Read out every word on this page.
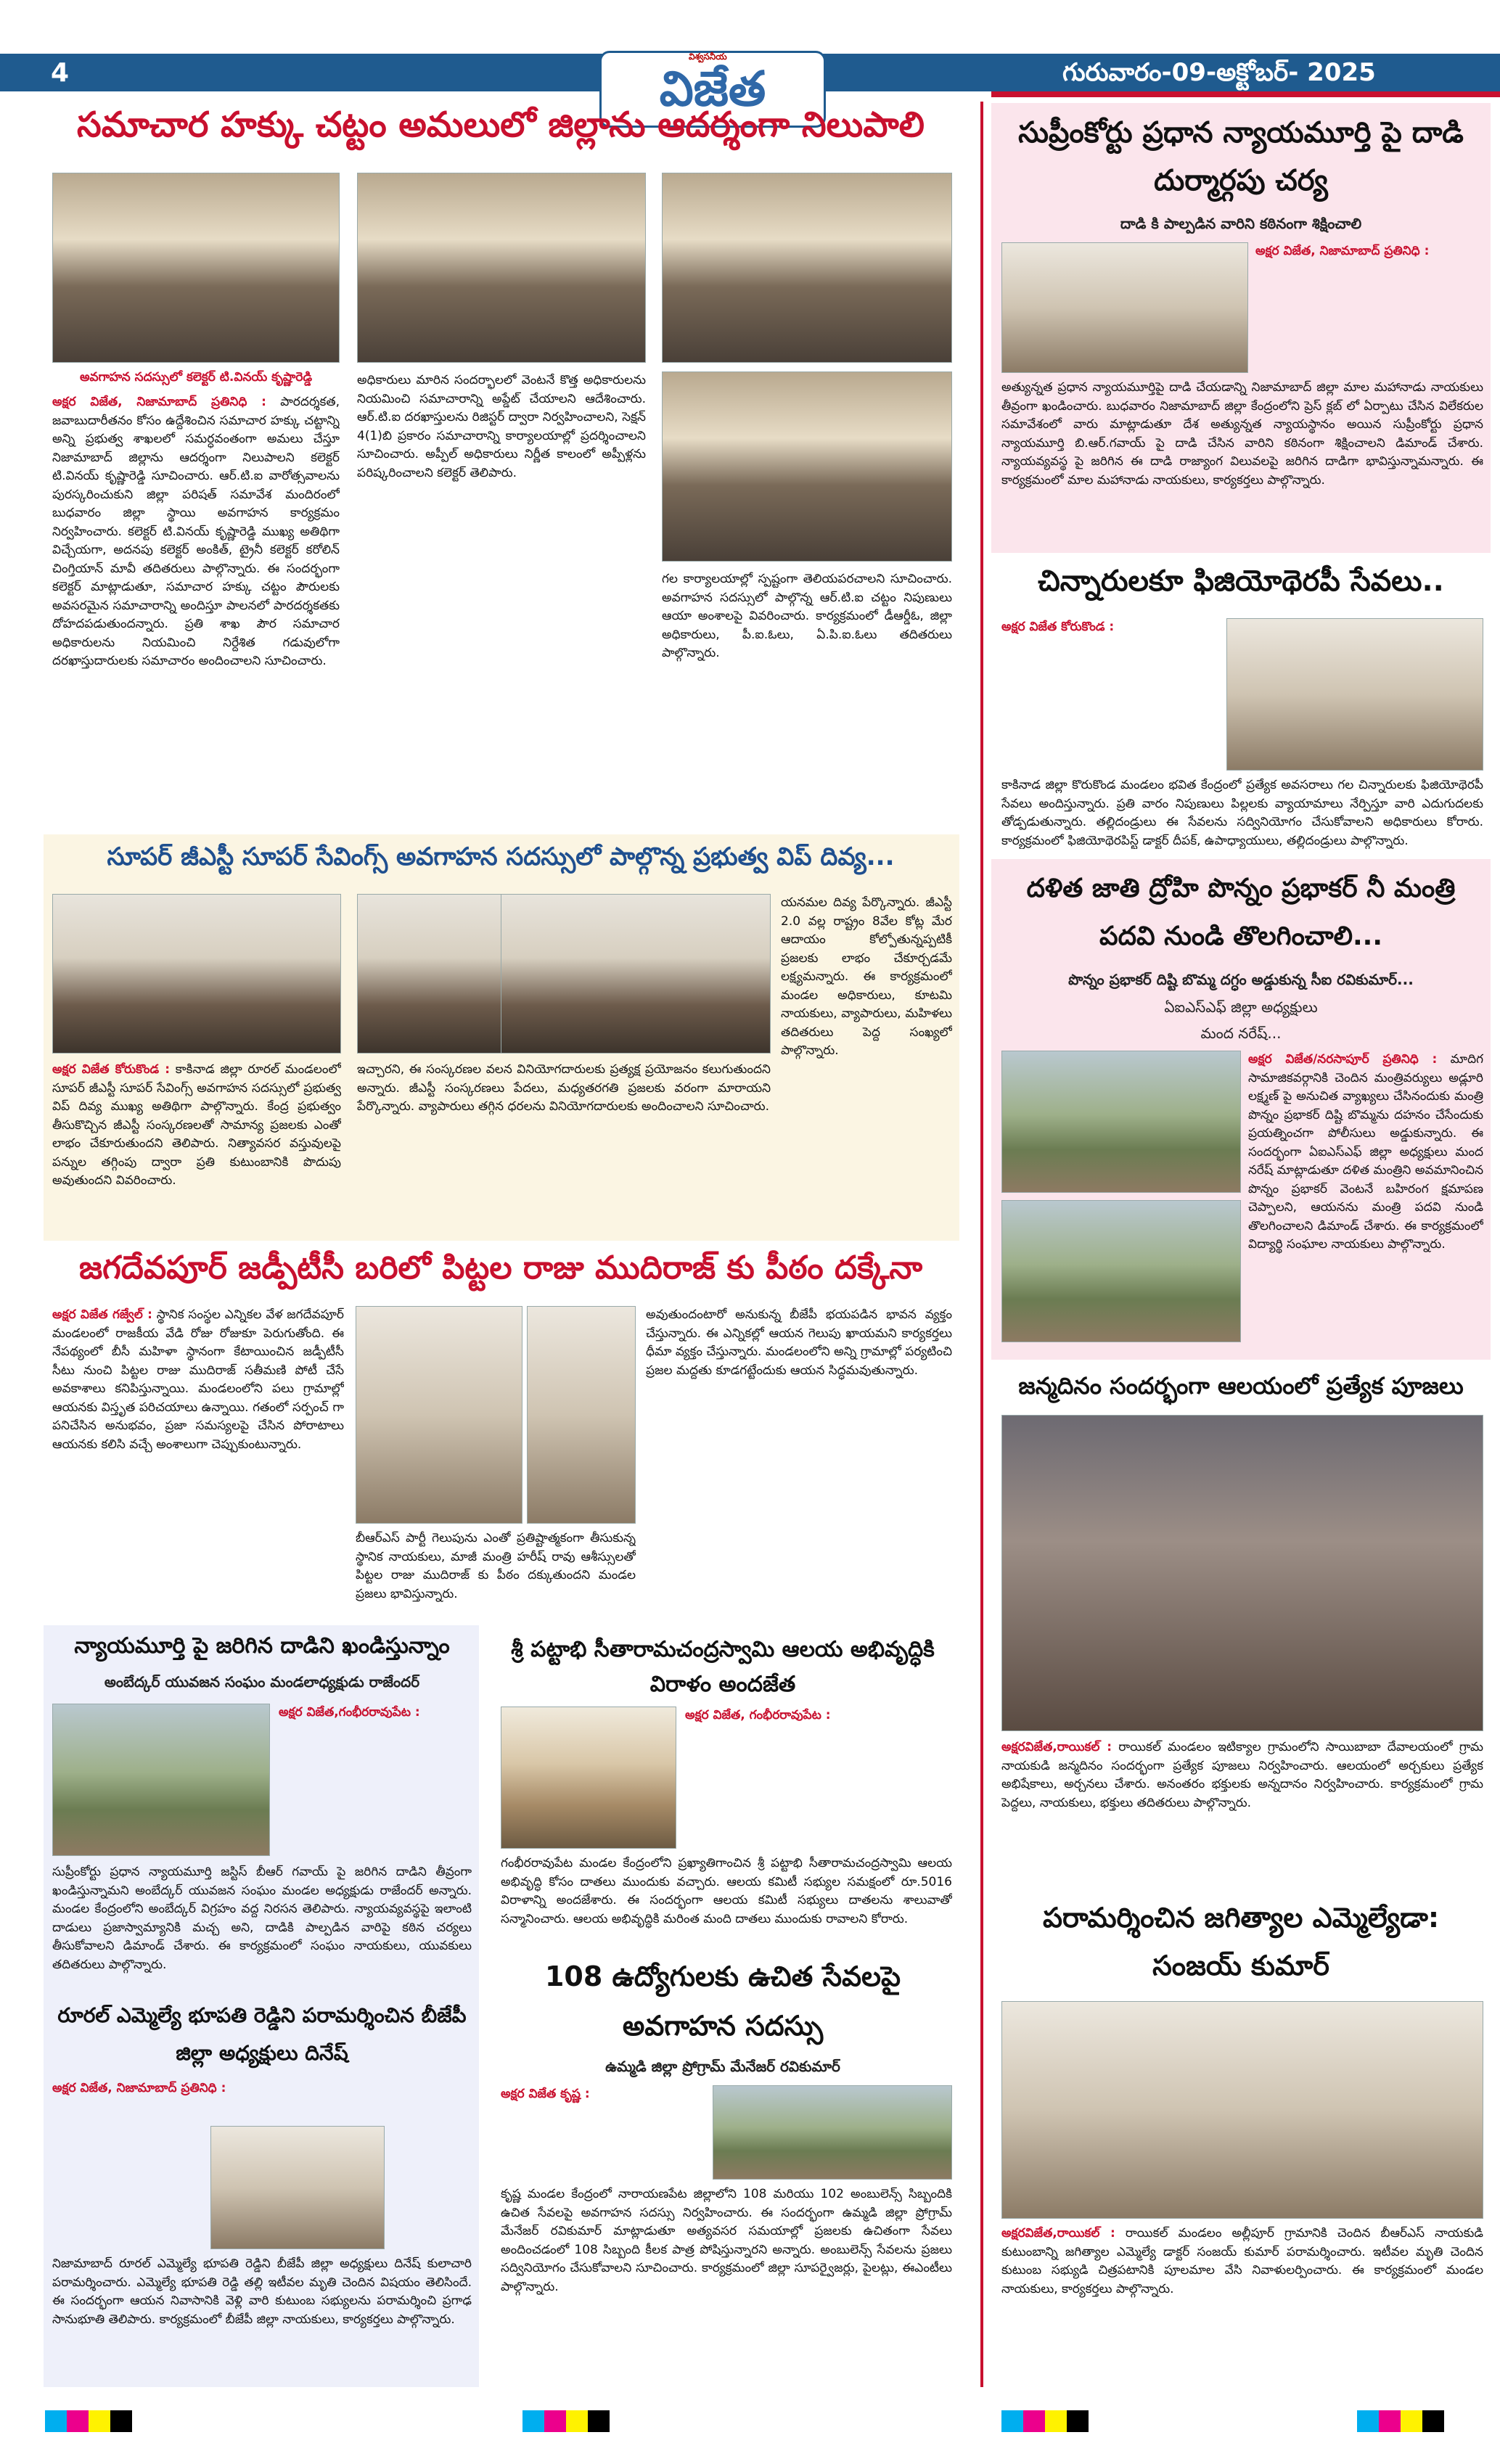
4
విశ్వసనీయ
విజేత	గురువారం-09-అక్టోబర్- 2025
సమాచార హక్కు చట్టం అమలులో జిల్లాను ఆదర్శంగా నిలుపాలి
అవగాహన సదస్సులో కలెక్టర్ టి.వినయ్ కృష్ణారెడ్డి
అక్షర విజేత, నిజామాబాద్ ప్రతినిధి : పారదర్శకత, జవాబుదారీతనం కోసం ఉద్దేశించిన సమాచార హక్కు చట్టాన్ని అన్ని ప్రభుత్వ శాఖలలో సమర్ధవంతంగా అమలు చేస్తూ నిజామాబాద్ జిల్లాను ఆదర్శంగా నిలుపాలని కలెక్టర్ టి.వినయ్ కృష్ణారెడ్డి సూచించారు. ఆర్.టి.ఐ వారోత్సవాలను పురస్కరించుకుని జిల్లా పరిషత్ సమావేశ మందిరంలో బుధవారం జిల్లా స్థాయి అవగాహన కార్యక్రమం నిర్వహించారు. కలెక్టర్ టి.వినయ్ కృష్ణారెడ్డి ముఖ్య అతిథిగా విచ్చేయగా, అదనపు కలెక్టర్ అంకిత్, ట్రైనీ కలెక్టర్ కరోలిన్ చింగ్తియాన్ మావీ తదితరులు పాల్గొన్నారు. ఈ సందర్భంగా కలెక్టర్ మాట్లాడుతూ, సమాచార హక్కు చట్టం పౌరులకు అవసరమైన సమాచారాన్ని అందిస్తూ పాలనలో పారదర్శకతకు దోహదపడుతుందన్నారు. ప్రతి శాఖ పౌర సమాచార అధికారులను నియమించి నిర్దేశిత గడువులోగా దరఖాస్తుదారులకు సమాచారం అందించాలని సూచించారు.
అధికారులు మారిన సందర్భాలలో వెంటనే కొత్త అధికారులను నియమించి సమాచారాన్ని అప్డేట్ చేయాలని ఆదేశించారు. ఆర్.టి.ఐ దరఖాస్తులను రిజిస్టర్ ద్వారా నిర్వహించాలని, సెక్షన్ 4(1)బి ప్రకారం సమాచారాన్ని కార్యాలయాల్లో ప్రదర్శించాలని సూచించారు. అప్పీల్ అధికారులు నిర్ణీత కాలంలో అప్పీళ్లను పరిష్కరించాలని కలెక్టర్ తెలిపారు.
గల కార్యాలయాల్లో స్పష్టంగా తెలియపరచాలని సూచించారు. అవగాహన సదస్సులో పాల్గొన్న ఆర్.టి.ఐ చట్టం నిపుణులు ఆయా అంశాలపై వివరించారు. కార్యక్రమంలో డీఆర్డీఓ, జిల్లా అధికారులు, పీ.ఐ.ఓలు, ఏ.పి.ఐ.ఓలు తదితరులు పాల్గొన్నారు.
సూపర్ జీఎస్టీ సూపర్ సేవింగ్స్ అవగాహన సదస్సులో పాల్గొన్న ప్రభుత్వ విప్ దివ్య...
అక్షర విజేత కోరుకొండ : కాకినాడ జిల్లా రూరల్ మండలంలో సూపర్ జీఎస్టీ సూపర్ సేవింగ్స్ అవగాహన సదస్సులో ప్రభుత్వ విప్ దివ్య ముఖ్య అతిథిగా పాల్గొన్నారు. కేంద్ర ప్రభుత్వం తీసుకొచ్చిన జీఎస్టీ సంస్కరణలతో సామాన్య ప్రజలకు ఎంతో లాభం చేకూరుతుందని తెలిపారు. నిత్యావసర వస్తువులపై పన్నుల తగ్గింపు ద్వారా ప్రతి కుటుంబానికి పొదుపు అవుతుందని వివరించారు.
ఇచ్చారని, ఈ సంస్కరణల వలన వినియోగదారులకు ప్రత్యక్ష ప్రయోజనం కలుగుతుందని అన్నారు. జీఎస్టీ సంస్కరణలు పేదలు, మధ్యతరగతి ప్రజలకు వరంగా మారాయని పేర్కొన్నారు. వ్యాపారులు తగ్గిన ధరలను వినియోగదారులకు అందించాలని సూచించారు.
యనమల దివ్య పేర్కొన్నారు. జీఎస్టీ 2.0 వల్ల రాష్ట్రం 8వేల కోట్ల మేర ఆదాయం కోల్పోతున్నప్పటికీ ప్రజలకు లాభం చేకూర్చడమే లక్ష్యమన్నారు. ఈ కార్యక్రమంలో మండల అధికారులు, కూటమి నాయకులు, వ్యాపారులు, మహిళలు తదితరులు పెద్ద సంఖ్యలో పాల్గొన్నారు.
జగదేవపూర్ జడ్పీటీసీ బరిలో పిట్టల రాజు ముదిరాజ్ కు పీఠం దక్కేనా
అక్షర విజేత గజ్వేల్ : స్థానిక సంస్థల ఎన్నికల వేళ జగదేవపూర్ మండలంలో రాజకీయ వేడి రోజు రోజుకూ పెరుగుతోంది. ఈ నేపథ్యంలో బీసీ మహిళా స్థానంగా కేటాయించిన జడ్పీటీసీ సీటు నుంచి పిట్టల రాజు ముదిరాజ్ సతీమణి పోటీ చేసే అవకాశాలు కనిపిస్తున్నాయి. మండలంలోని పలు గ్రామాల్లో ఆయనకు విస్తృత పరిచయాలు ఉన్నాయి. గతంలో సర్పంచ్ గా పనిచేసిన అనుభవం, ప్రజా సమస్యలపై చేసిన పోరాటాలు ఆయనకు కలిసి వచ్చే అంశాలుగా చెప్పుకుంటున్నారు.
బీఆర్ఎస్ పార్టీ గెలుపును ఎంతో ప్రతిష్టాత్మకంగా తీసుకున్న స్థానిక నాయకులు, మాజీ మంత్రి హరీష్ రావు ఆశీస్సులతో పిట్టల రాజు ముదిరాజ్ కు పీఠం దక్కుతుందని మండల ప్రజలు భావిస్తున్నారు.
అవుతుందంటారో అనుకున్న బీజేపీ భయపడిన భావన వ్యక్తం చేస్తున్నారు. ఈ ఎన్నికల్లో ఆయన గెలుపు ఖాయమని కార్యకర్తలు ధీమా వ్యక్తం చేస్తున్నారు. మండలంలోని అన్ని గ్రామాల్లో పర్యటించి ప్రజల మద్దతు కూడగట్టేందుకు ఆయన సిద్ధమవుతున్నారు.
న్యాయమూర్తి పై జరిగిన దాడిని ఖండిస్తున్నాం
అంబేద్కర్ యువజన సంఘం మండలాధ్యక్షుడు రాజేందర్
అక్షర విజేత,గంభీరరావుపేట :
సుప్రీంకోర్టు ప్రధాన న్యాయమూర్తి జస్టిస్ బీఆర్ గవాయ్ పై జరిగిన దాడిని తీవ్రంగా ఖండిస్తున్నామని అంబేద్కర్ యువజన సంఘం మండల అధ్యక్షుడు రాజేందర్ అన్నారు. మండల కేంద్రంలోని అంబేద్కర్ విగ్రహం వద్ద నిరసన తెలిపారు. న్యాయవ్యవస్థపై ఇలాంటి దాడులు ప్రజాస్వామ్యానికి మచ్చ అని, దాడికి పాల్పడిన వారిపై కఠిన చర్యలు తీసుకోవాలని డిమాండ్ చేశారు. ఈ కార్యక్రమంలో సంఘం నాయకులు, యువకులు తదితరులు పాల్గొన్నారు.
రూరల్ ఎమ్మెల్యే భూపతి రెడ్డిని పరామర్శించిన బీజేపీ జిల్లా అధ్యక్షులు దినేష్
అక్షర విజేత, నిజామాబాద్ ప్రతినిధి :
నిజామాబాద్ రూరల్ ఎమ్మెల్యే భూపతి రెడ్డిని బీజేపీ జిల్లా అధ్యక్షులు దినేష్ కులాచారి పరామర్శించారు. ఎమ్మెల్యే భూపతి రెడ్డి తల్లి ఇటీవల మృతి చెందిన విషయం తెలిసిందే. ఈ సందర్భంగా ఆయన నివాసానికి వెళ్లి వారి కుటుంబ సభ్యులను పరామర్శించి ప్రగాఢ సానుభూతి తెలిపారు. కార్యక్రమంలో బీజేపీ జిల్లా నాయకులు, కార్యకర్తలు పాల్గొన్నారు.
శ్రీ పట్టాభి సీతారామచంద్రస్వామి ఆలయ అభివృద్ధికి విరాళం అందజేత
అక్షర విజేత, గంభీరరావుపేట :
గంభీరరావుపేట మండల కేంద్రంలోని ప్రఖ్యాతిగాంచిన శ్రీ పట్టాభి సీతారామచంద్రస్వామి ఆలయ అభివృద్ధి కోసం దాతలు ముందుకు వచ్చారు. ఆలయ కమిటీ సభ్యుల సమక్షంలో రూ.5016 విరాళాన్ని అందజేశారు. ఈ సందర్భంగా ఆలయ కమిటీ సభ్యులు దాతలను శాలువాతో సన్మానించారు. ఆలయ అభివృద్ధికి మరింత మంది దాతలు ముందుకు రావాలని కోరారు.
108 ఉద్యోగులకు ఉచిత సేవలపై అవగాహన సదస్సు
ఉమ్మడి జిల్లా ప్రోగ్రామ్ మేనేజర్ రవికుమార్
అక్షర విజేత కృష్ణ :
కృష్ణ మండల కేంద్రంలో నారాయణపేట జిల్లాలోని 108 మరియు 102 అంబులెన్స్ సిబ్బందికి ఉచిత సేవలపై అవగాహన సదస్సు నిర్వహించారు. ఈ సందర్భంగా ఉమ్మడి జిల్లా ప్రోగ్రామ్ మేనేజర్ రవికుమార్ మాట్లాడుతూ అత్యవసర సమయాల్లో ప్రజలకు ఉచితంగా సేవలు అందించడంలో 108 సిబ్బంది కీలక పాత్ర పోషిస్తున్నారని అన్నారు. అంబులెన్స్ సేవలను ప్రజలు సద్వినియోగం చేసుకోవాలని సూచించారు. కార్యక్రమంలో జిల్లా సూపర్వైజర్లు, పైలట్లు, ఈఎంటీలు పాల్గొన్నారు.
సుప్రీంకోర్టు ప్రధాన న్యాయమూర్తి పై దాడి దుర్మార్గపు చర్య
దాడి కి పాల్పడిన వారిని కఠినంగా శిక్షించాలి
అక్షర విజేత, నిజామాబాద్ ప్రతినిధి :
అత్యున్నత ప్రధాన న్యాయమూర్తిపై దాడి చేయడాన్ని నిజామాబాద్ జిల్లా మాల మహానాడు నాయకులు తీవ్రంగా ఖండించారు. బుధవారం నిజామాబాద్ జిల్లా కేంద్రంలోని ప్రెస్ క్లబ్ లో ఏర్పాటు చేసిన విలేకరుల సమావేశంలో వారు మాట్లాడుతూ దేశ అత్యున్నత న్యాయస్థానం అయిన సుప్రీంకోర్టు ప్రధాన న్యాయమూర్తి బి.ఆర్.గవాయ్ పై దాడి చేసిన వారిని కఠినంగా శిక్షించాలని డిమాండ్ చేశారు. న్యాయవ్యవస్థ పై జరిగిన ఈ దాడి రాజ్యాంగ విలువలపై జరిగిన దాడిగా భావిస్తున్నామన్నారు. ఈ కార్యక్రమంలో మాల మహానాడు నాయకులు, కార్యకర్తలు పాల్గొన్నారు.
చిన్నారులకూ ఫిజియోథెరపీ సేవలు..
అక్షర విజేత కోరుకొండ :
కాకినాడ జిల్లా కొరుకొండ మండలం భవిత కేంద్రంలో ప్రత్యేక అవసరాలు గల చిన్నారులకు ఫిజియోథెరపీ సేవలు అందిస్తున్నారు. ప్రతి వారం నిపుణులు పిల్లలకు వ్యాయామాలు నేర్పిస్తూ వారి ఎదుగుదలకు తోడ్పడుతున్నారు. తల్లిదండ్రులు ఈ సేవలను సద్వినియోగం చేసుకోవాలని అధికారులు కోరారు. కార్యక్రమంలో ఫిజియోథెరపిస్ట్ డాక్టర్ దీపక్, ఉపాధ్యాయులు, తల్లిదండ్రులు పాల్గొన్నారు.
దళిత జాతి ద్రోహి పొన్నం ప్రభాకర్ నీ మంత్రి పదవి నుండి తొలగించాలి...
పొన్నం ప్రభాకర్ దిష్టి బొమ్మ దగ్ధం అడ్డుకున్న సీఐ రవికుమార్...
ఏఐఎస్ఎఫ్ జిల్లా అధ్యక్షులు
మంద నరేష్...
అక్షర విజేత/నరసాపూర్ ప్రతినిధి : మాదిగ సామాజికవర్గానికి చెందిన మంత్రివర్యులు అడ్లూరి లక్ష్మణ్ పై అనుచిత వ్యాఖ్యలు చేసినందుకు మంత్రి పొన్నం ప్రభాకర్ దిష్టి బొమ్మను దహనం చేసేందుకు ప్రయత్నించగా పోలీసులు అడ్డుకున్నారు. ఈ సందర్భంగా ఏఐఎస్ఎఫ్ జిల్లా అధ్యక్షులు మంద నరేష్ మాట్లాడుతూ దళిత మంత్రిని అవమానించిన పొన్నం ప్రభాకర్ వెంటనే బహిరంగ క్షమాపణ చెప్పాలని, ఆయనను మంత్రి పదవి నుండి తొలగించాలని డిమాండ్ చేశారు. ఈ కార్యక్రమంలో విద్యార్థి సంఘాల నాయకులు పాల్గొన్నారు.
జన్మదినం సందర్భంగా ఆలయంలో ప్రత్యేక పూజలు
అక్షరవిజేత,రాయికల్ : రాయికల్ మండలం ఇటిక్యాల గ్రామంలోని సాయిబాబా దేవాలయంలో గ్రామ నాయకుడి జన్మదినం సందర్భంగా ప్రత్యేక పూజలు నిర్వహించారు. ఆలయంలో అర్చకులు ప్రత్యేక అభిషేకాలు, అర్చనలు చేశారు. అనంతరం భక్తులకు అన్నదానం నిర్వహించారు. కార్యక్రమంలో గ్రామ పెద్దలు, నాయకులు, భక్తులు తదితరులు పాల్గొన్నారు.
పరామర్శించిన జగిత్యాల ఎమ్మెల్యేడా: సంజయ్ కుమార్
అక్షరవిజేత,రాయికల్ : రాయికల్ మండలం అల్లీపూర్ గ్రామానికి చెందిన బీఆర్ఎస్ నాయకుడి కుటుంబాన్ని జగిత్యాల ఎమ్మెల్యే డాక్టర్ సంజయ్ కుమార్ పరామర్శించారు. ఇటీవల మృతి చెందిన కుటుంబ సభ్యుడి చిత్రపటానికి పూలమాల వేసి నివాళులర్పించారు. ఈ కార్యక్రమంలో మండల నాయకులు, కార్యకర్తలు పాల్గొన్నారు.
